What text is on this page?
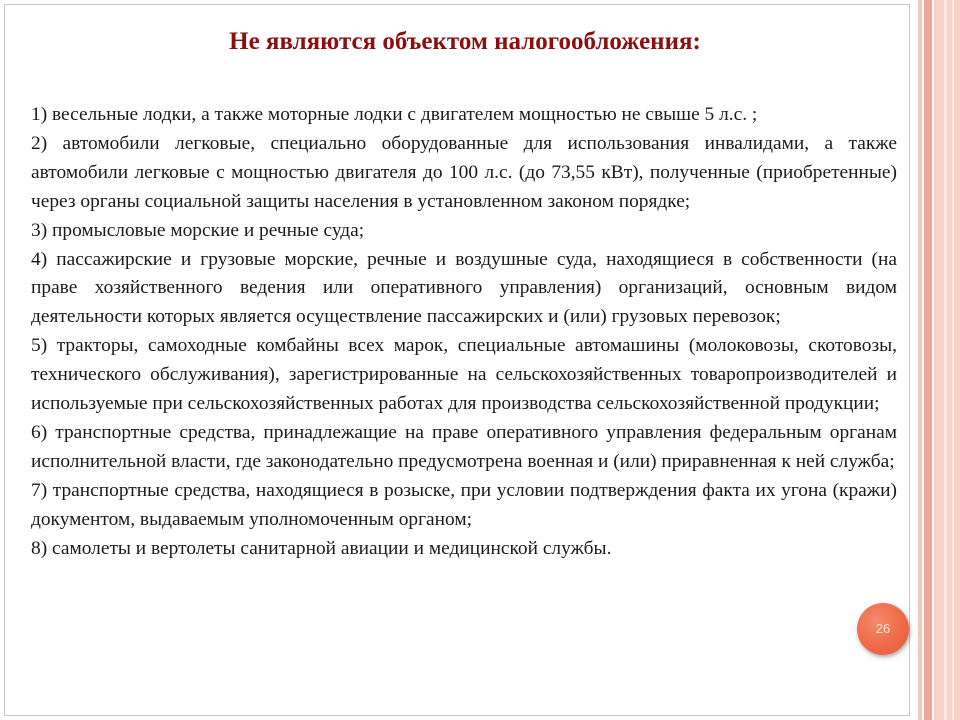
Не являются объектом налогообложения:
1) весельные лодки, а также моторные лодки с двигателем мощностью не свыше 5 л.с. ;
2) автомобили легковые, специально оборудованные для использования инвалидами, а также автомобили легковые с мощностью двигателя до 100 л.с. (до 73,55 кВт), полученные (приобретенные) через органы социальной защиты населения в установленном законом порядке;
3) промысловые морские и речные суда;
4) пассажирские и грузовые морские, речные и воздушные суда, находящиеся в собственности (на праве хозяйственного ведения или оперативного управления) организаций, основным видом деятельности которых является осуществление пассажирских и (или) грузовых перевозок;
5) тракторы, самоходные комбайны всех марок, специальные автомашины (молоковозы, скотовозы, технического обслуживания), зарегистрированные на сельскохозяйственных товаропроизводителей и используемые при сельскохозяйственных работах для производства сельскохозяйственной продукции;
6) транспортные средства, принадлежащие на праве оперативного управления федеральным органам исполнительной власти, где законодательно предусмотрена военная и (или) приравненная к ней служба;
7) транспортные средства, находящиеся в розыске, при условии подтверждения факта их угона (кражи) документом, выдаваемым уполномоченным органом;
8) самолеты и вертолеты санитарной авиации и медицинской службы.
26
